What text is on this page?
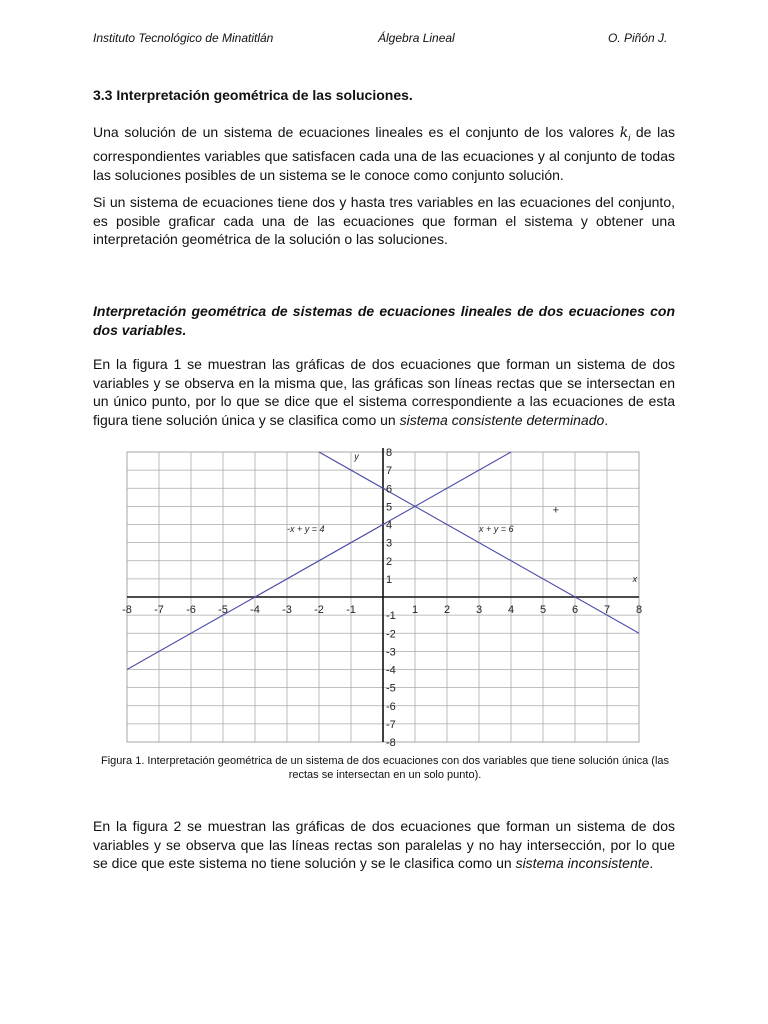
Instituto Tecnológico de Minatitlán	Álgebra Lineal	O. Piñón J.

3.3 Interpretación geométrica de las soluciones.

Una solución de un sistema de ecuaciones lineales es el conjunto de los valores $k_i$ de las correspondientes variables que satisfacen cada una de las ecuaciones y al conjunto de todas las soluciones posibles de un sistema se le conoce como conjunto solución.

Si un sistema de ecuaciones tiene dos y hasta tres variables en las ecuaciones del conjunto, es posible graficar cada una de las ecuaciones que forman el sistema y obtener una interpretación geométrica de la solución o las soluciones.

Interpretación geométrica de sistemas de ecuaciones lineales de dos ecuaciones con dos variables.

En la figura 1 se muestran las gráficas de dos ecuaciones que forman un sistema de dos variables y se observa en la misma que, las gráficas son líneas rectas que se intersectan en un único punto, por lo que se dice que el sistema correspondiente a las ecuaciones de esta figura tiene solución única y se clasifica como un sistema consistente determinado.

-8 -7 -6 -5 -4 -3 -2 -1	1 2 3 4 5 6 7 8
8
7
6
5
4
3
2
1
-1
-2
-3
-4
-5
-6
-7
-8
x
y
-x + y = 4	x + y = 6
+

Figura 1. Interpretación geométrica de un sistema de dos ecuaciones con dos variables que tiene solución única (las rectas se intersectan en un solo punto).

En la figura 2 se muestran las gráficas de dos ecuaciones que forman un sistema de dos variables y se observa que las líneas rectas son paralelas y no hay intersección, por lo que se dice que este sistema no tiene solución y se le clasifica como un sistema inconsistente.
